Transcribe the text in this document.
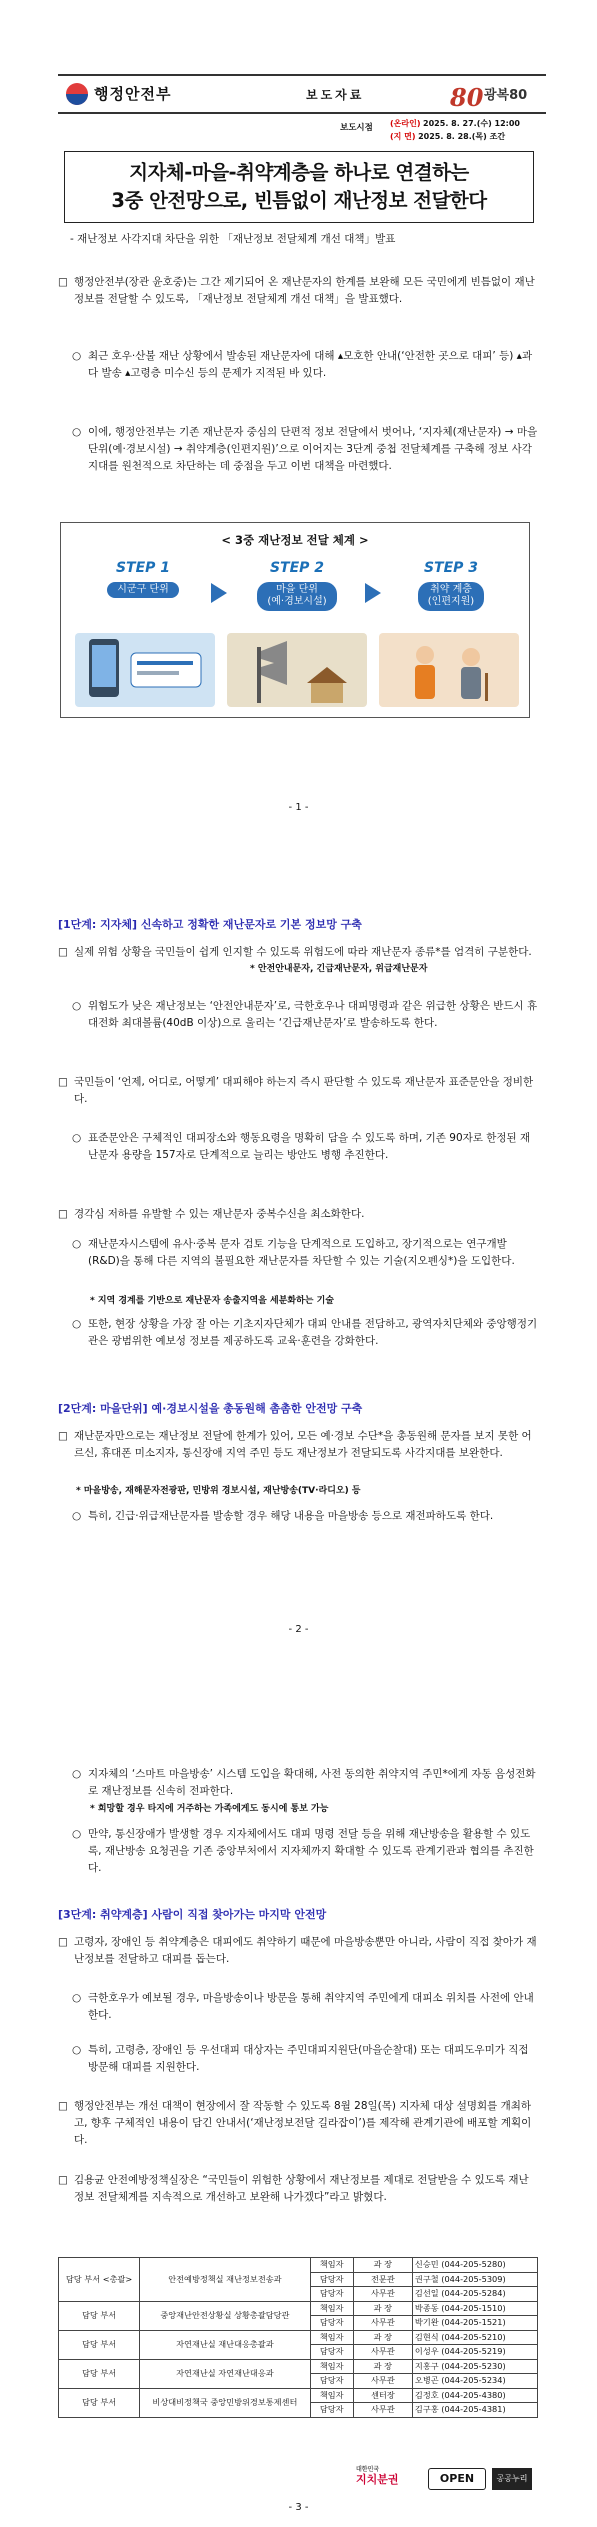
행정안전부	보도자료	80 광복80
보도시점 (온라인) 2025. 8. 27.(수) 12:00
(지 면) 2025. 8. 28.(목) 조간
지자체-마을-취약계층을 하나로 연결하는
3중 안전망으로, 빈틈없이 재난정보 전달한다
- 재난정보 사각지대 차단을 위한 「재난정보 전달체계 개선 대책」발표
□ 행정안전부(장관 윤호중)는 그간 제기되어 온 재난문자의 한계를 보완해 모든 국민에게 빈틈없이 재난정보를 전달할 수 있도록, 「재난정보 전달체계 개선 대책」을 발표했다.
○ 최근 호우·산불 재난 상황에서 발송된 재난문자에 대해 ▴모호한 안내(‘안전한 곳으로 대피’ 등) ▴과다 발송 ▴고령층 미수신 등의 문제가 지적된 바 있다.
○ 이에, 행정안전부는 기존 재난문자 중심의 단편적 정보 전달에서 벗어나, ‘지자체(재난문자) → 마을단위(예·경보시설) → 취약계층(인편지원)’으로 이어지는 3단계 중첩 전달체계를 구축해 정보 사각지대를 원천적으로 차단하는 데 중점을 두고 이번 대책을 마련했다.
< 3중 재난정보 전달 체계 >
STEP 1
시군구 단위
STEP 2
마을 단위
(예·경보시설)
STEP 3
취약 계층
(인편지원)
- 1 -
[1단계: 지자체] 신속하고 정확한 재난문자로 기본 정보망 구축
□ 실제 위험 상황을 국민들이 쉽게 인지할 수 있도록 위험도에 따라 재난문자 종류*를 엄격히 구분한다.
* 안전안내문자, 긴급재난문자, 위급재난문자
○ 위험도가 낮은 재난정보는 ‘안전안내문자’로, 극한호우나 대피명령과 같은 위급한 상황은 반드시 휴대전화 최대볼륨(40dB 이상)으로 울리는 ‘긴급재난문자’로 발송하도록 한다.
□ 국민들이 ‘언제, 어디로, 어떻게’ 대피해야 하는지 즉시 판단할 수 있도록 재난문자 표준문안을 정비한다.
○ 표준문안은 구체적인 대피장소와 행동요령을 명확히 담을 수 있도록 하며, 기존 90자로 한정된 재난문자 용량을 157자로 단계적으로 늘리는 방안도 병행 추진한다.
□ 경각심 저하를 유발할 수 있는 재난문자 중복수신을 최소화한다.
○ 재난문자시스템에 유사·중복 문자 검토 기능을 단계적으로 도입하고, 장기적으로는 연구개발(R&D)을 통해 다른 지역의 불필요한 재난문자를 차단할 수 있는 기술(지오펜싱*)을 도입한다.
* 지역 경계를 기반으로 재난문자 송출지역을 세분화하는 기술
○ 또한, 현장 상황을 가장 잘 아는 기초지자단체가 대피 안내를 전담하고, 광역자치단체와 중앙행정기관은 광범위한 예보성 정보를 제공하도록 교육·훈련을 강화한다.
[2단계: 마을단위] 예·경보시설을 총동원해 촘촘한 안전망 구축
□ 재난문자만으로는 재난정보 전달에 한계가 있어, 모든 예·경보 수단*을 총동원해 문자를 보지 못한 어르신, 휴대폰 미소지자, 통신장애 지역 주민 등도 재난정보가 전달되도록 사각지대를 보완한다.
* 마을방송, 재해문자전광판, 민방위 경보시설, 재난방송(TV·라디오) 등
○ 특히, 긴급·위급재난문자를 발송할 경우 해당 내용을 마을방송 등으로 재전파하도록 한다.
- 2 -
○ 지자체의 ‘스마트 마을방송’ 시스템 도입을 확대해, 사전 동의한 취약지역 주민*에게 자동 음성전화로 재난정보를 신속히 전파한다.
* 희망할 경우 타지에 거주하는 가족에게도 동시에 통보 가능
○ 만약, 통신장애가 발생할 경우 지자체에서도 대피 명령 전달 등을 위해 재난방송을 활용할 수 있도록, 재난방송 요청권을 기존 중앙부처에서 지자체까지 확대할 수 있도록 관계기관과 협의를 추진한다.
[3단계: 취약계층] 사람이 직접 찾아가는 마지막 안전망
□ 고령자, 장애인 등 취약계층은 대피에도 취약하기 때문에 마을방송뿐만 아니라, 사람이 직접 찾아가 재난정보를 전달하고 대피를 돕는다.
○ 극한호우가 예보될 경우, 마을방송이나 방문을 통해 취약지역 주민에게 대피소 위치를 사전에 안내한다.
○ 특히, 고령층, 장애인 등 우선대피 대상자는 주민대피지원단(마을순찰대) 또는 대피도우미가 직접 방문해 대피를 지원한다.
□ 행정안전부는 개선 대책이 현장에서 잘 작동할 수 있도록 8월 28일(목) 지자체 대상 설명회를 개최하고, 향후 구체적인 내용이 담긴 안내서(‘재난정보전달 길라잡이’)를 제작해 관계기관에 배포할 계획이다.
□ 김용균 안전예방정책실장은 “국민들이 위험한 상황에서 재난정보를 제대로 전달받을 수 있도록 재난정보 전달체계를 지속적으로 개선하고 보완해 나가겠다”라고 밝혔다.
- 3 -
담당 부서 <총괄>	안전예방정책실 재난정보전송과	책임자	과 장	신승민 (044-205-5280)
		담당자	전문관	권구철 (044-205-5309)
		담당자	사무관	김선일 (044-205-5284)
담당 부서	중앙재난안전상황실 상황총괄담당관	책임자	과 장	박종동 (044-205-1510)
		담당자	사무관	박기완 (044-205-1521)
담당 부서	자연재난실 재난대응총괄과	책임자	과 장	김현식 (044-205-5210)
		담당자	사무관	이성우 (044-205-5219)
담당 부서	자연재난실 자연재난대응과	책임자	과 장	지홍구 (044-205-5230)
		담당자	사무관	오병곤 (044-205-5234)
담당 부서	비상대비정책국 중앙민방위경보통제센터	책임자	센터장	김정호 (044-205-4380)
		담당자	사무관	김구홍 (044-205-4381)
대한민국
지치분권	OPEN	공공누리
